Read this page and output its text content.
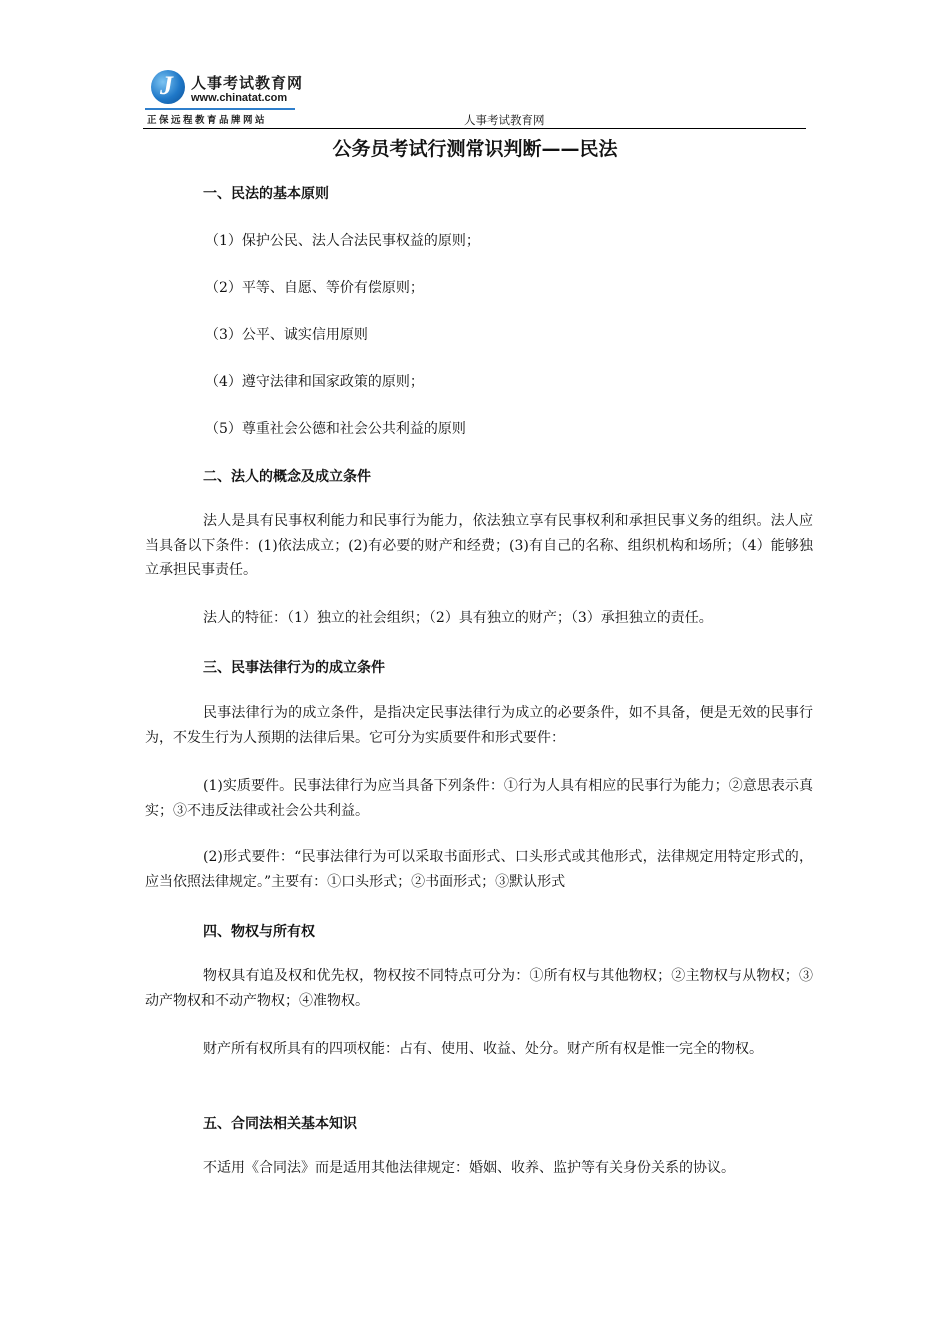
J 人事考试教育网
www.chinatat.com
正保远程教育品牌网站	人事考试教育网
公务员考试行测常识判断——民法
一、民法的基本原则
（1）保护公民、法人合法民事权益的原则；
（2）平等、自愿、等价有偿原则；
（3）公平、诚实信用原则
（4）遵守法律和国家政策的原则；
（5）尊重社会公德和社会公共利益的原则
二、法人的概念及成立条件
法人是具有民事权利能力和民事行为能力，依法独立享有民事权利和承担民事义务的组织。法人应当具备以下条件：(1)依法成立；(2)有必要的财产和经费；(3)有自己的名称、组织机构和场所；（4）能够独立承担民事责任。
法人的特征：（1）独立的社会组织；（2）具有独立的财产；（3）承担独立的责任。
三、民事法律行为的成立条件
民事法律行为的成立条件，是指决定民事法律行为成立的必要条件，如不具备，便是无效的民事行为，不发生行为人预期的法律后果。它可分为实质要件和形式要件：
(1)实质要件。民事法律行为应当具备下列条件：①行为人具有相应的民事行为能力；②意思表示真实；③不违反法律或社会公共利益。
(2)形式要件：“民事法律行为可以采取书面形式、口头形式或其他形式，法律规定用特定形式的，应当依照法律规定。”主要有：①口头形式；②书面形式；③默认形式
四、物权与所有权
物权具有追及权和优先权，物权按不同特点可分为：①所有权与其他物权；②主物权与从物权；③动产物权和不动产物权；④准物权。
财产所有权所具有的四项权能：占有、使用、收益、处分。财产所有权是惟一完全的物权。
五、合同法相关基本知识
不适用《合同法》而是适用其他法律规定：婚姻、收养、监护等有关身份关系的协议。
